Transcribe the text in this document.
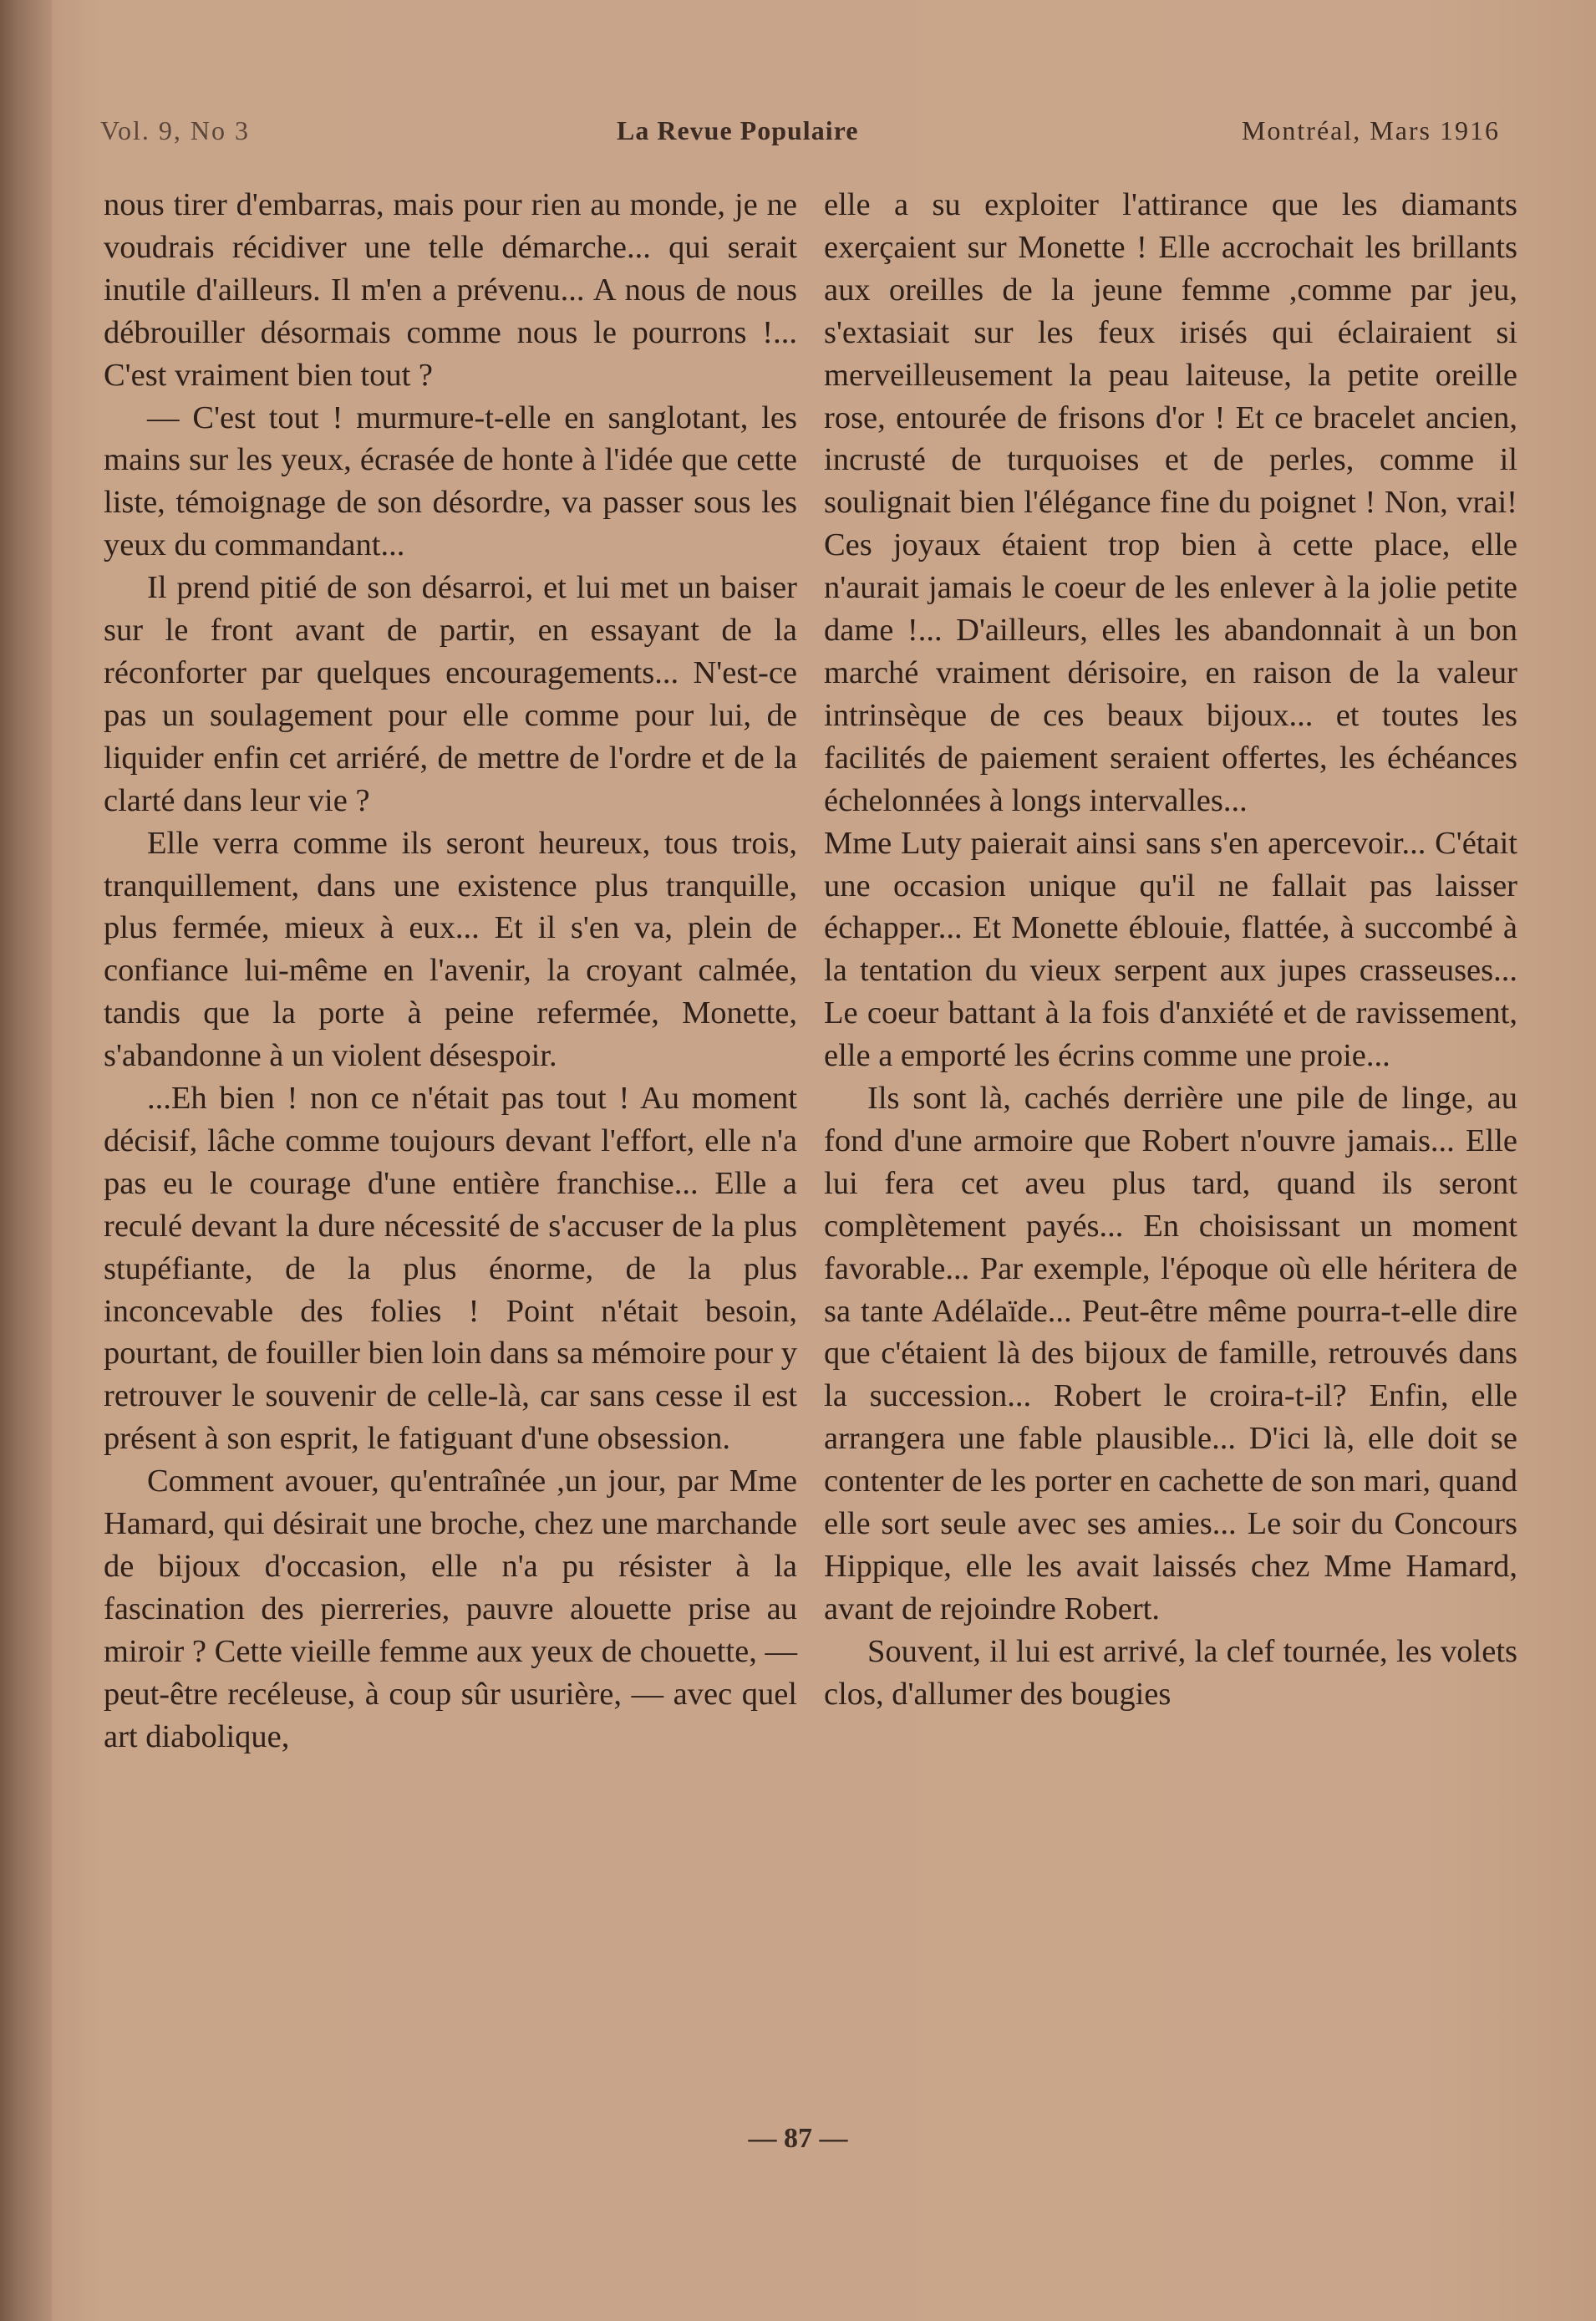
Vol. 9, No 3	La Revue Populaire	Montréal, Mars 1916

nous tirer d'embarras, mais pour rien au monde, je ne voudrais récidiver une telle démarche... qui serait inutile d'ailleurs. Il m'en a prévenu... A nous de nous débrouiller désormais comme nous le pourrons !... C'est vraiment bien tout ?

— C'est tout ! murmure-t-elle en sanglotant, les mains sur les yeux, écrasée de honte à l'idée que cette liste, témoignage de son désordre, va passer sous les yeux du commandant...

Il prend pitié de son désarroi, et lui met un baiser sur le front avant de partir, en essayant de la réconforter par quelques encouragements... N'est-ce pas un soulagement pour elle comme pour lui, de liquider enfin cet arriéré, de mettre de l'ordre et de la clarté dans leur vie ?

Elle verra comme ils seront heureux, tous trois, tranquillement, dans une existence plus tranquille, plus fermée, mieux à eux... Et il s'en va, plein de confiance lui-même en l'avenir, la croyant calmée, tandis que la porte à peine refermée, Monette, s'abandonne à un violent désespoir.

...Eh bien ! non ce n'était pas tout ! Au moment décisif, lâche comme toujours devant l'effort, elle n'a pas eu le courage d'une entière franchise... Elle a reculé devant la dure nécessité de s'accuser de la plus stupéfiante, de la plus énorme, de la plus inconcevable des folies ! Point n'était besoin, pourtant, de fouiller bien loin dans sa mémoire pour y retrouver le souvenir de celle-là, car sans cesse il est présent à son esprit, le fatiguant d'une obsession.

Comment avouer, qu'entraînée ,un jour, par Mme Hamard, qui désirait une broche, chez une marchande de bijoux d'occasion, elle n'a pu résister à la fascination des pierreries, pauvre alouette prise au miroir ? Cette vieille femme aux yeux de chouette, — peut-être recéleuse, à coup sûr usurière, — avec quel art diabolique,

elle a su exploiter l'attirance que les diamants exerçaient sur Monette ! Elle accrochait les brillants aux oreilles de la jeune femme ,comme par jeu, s'extasiait sur les feux irisés qui éclairaient si merveilleusement la peau laiteuse, la petite oreille rose, entourée de frisons d'or ! Et ce bracelet ancien, incrusté de turquoises et de perles, comme il soulignait bien l'élégance fine du poignet ! Non, vrai! Ces joyaux étaient trop bien à cette place, elle n'aurait jamais le coeur de les enlever à la jolie petite dame !... D'ailleurs, elles les abandonnait à un bon marché vraiment dérisoire, en raison de la valeur intrinsèque de ces beaux bijoux... et toutes les facilités de paiement seraient offertes, les échéances échelonnées à longs intervalles...

Mme Luty paierait ainsi sans s'en apercevoir... C'était une occasion unique qu'il ne fallait pas laisser échapper... Et Monette éblouie, flattée, à succombé à la tentation du vieux serpent aux jupes crasseuses... Le coeur battant à la fois d'anxiété et de ravissement, elle a emporté les écrins comme une proie...

Ils sont là, cachés derrière une pile de linge, au fond d'une armoire que Robert n'ouvre jamais... Elle lui fera cet aveu plus tard, quand ils seront complètement payés... En choisissant un moment favorable... Par exemple, l'époque où elle héritera de sa tante Adélaïde... Peut-être même pourra-t-elle dire que c'étaient là des bijoux de famille, retrouvés dans la succession... Robert le croira-t-il? Enfin, elle arrangera une fable plausible... D'ici là, elle doit se contenter de les porter en cachette de son mari, quand elle sort seule avec ses amies... Le soir du Concours Hippique, elle les avait laissés chez Mme Hamard, avant de rejoindre Robert.

Souvent, il lui est arrivé, la clef tournée, les volets clos, d'allumer des bougies

— 87 —
